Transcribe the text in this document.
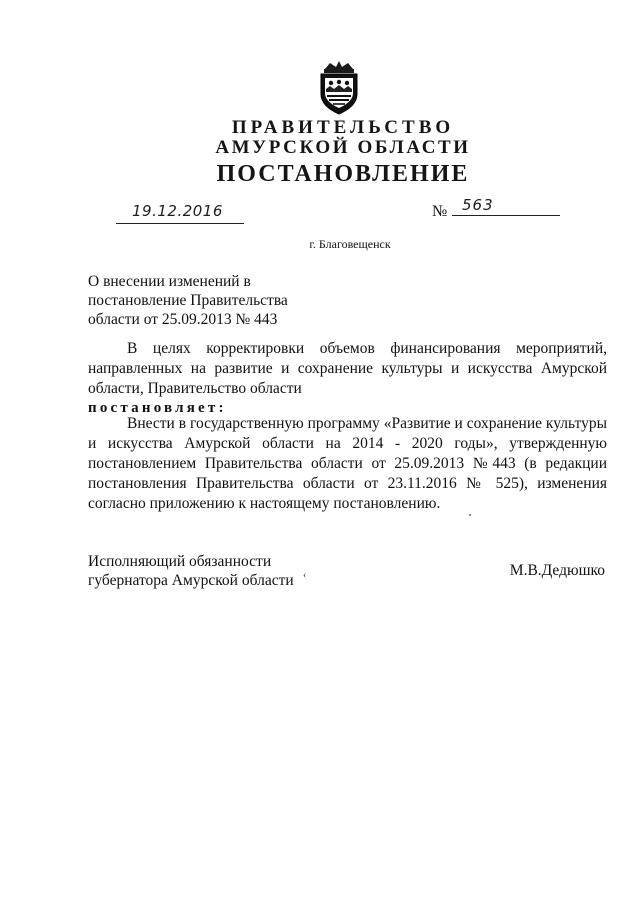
ПРАВИТЕЛЬСТВО
АМУРСКОЙ ОБЛАСТИ
ПОСТАНОВЛЕНИЕ
19.12.2016	№ 563
г. Благовещенск
О внесении изменений в
постановление Правительства
области от 25.09.2013 № 443
В целях корректировки объемов финансирования мероприятий,
направленных на развитие и сохранение культуры и искусства Амурской
области, Правительство области
постановляет:
Внести в государственную программу «Развитие и сохранение культуры
и искусства Амурской области на 2014 - 2020 годы», утвержденную
постановлением Правительства области от 25.09.2013 №443 (в редакции
постановления Правительства области от 23.11.2016 № 525), изменения
согласно приложению к настоящему постановлению.
Исполняющий обязанности
губернатора Амурской области ‹	М.В.Дедюшко
